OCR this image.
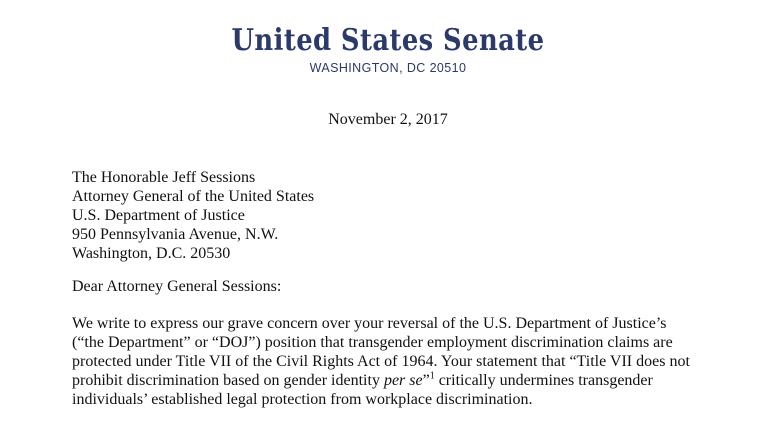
United States Senate
WASHINGTON, DC 20510
November 2, 2017
The Honorable Jeff Sessions
Attorney General of the United States
U.S. Department of Justice
950 Pennsylvania Avenue, N.W.
Washington, D.C. 20530
Dear Attorney General Sessions:
We write to express our grave concern over your reversal of the U.S. Department of Justice’s
(“the Department” or “DOJ”) position that transgender employment discrimination claims are
protected under Title VII of the Civil Rights Act of 1964. Your statement that “Title VII does not
prohibit discrimination based on gender identity per se”$^1$ critically undermines transgender
individuals’ established legal protection from workplace discrimination.
